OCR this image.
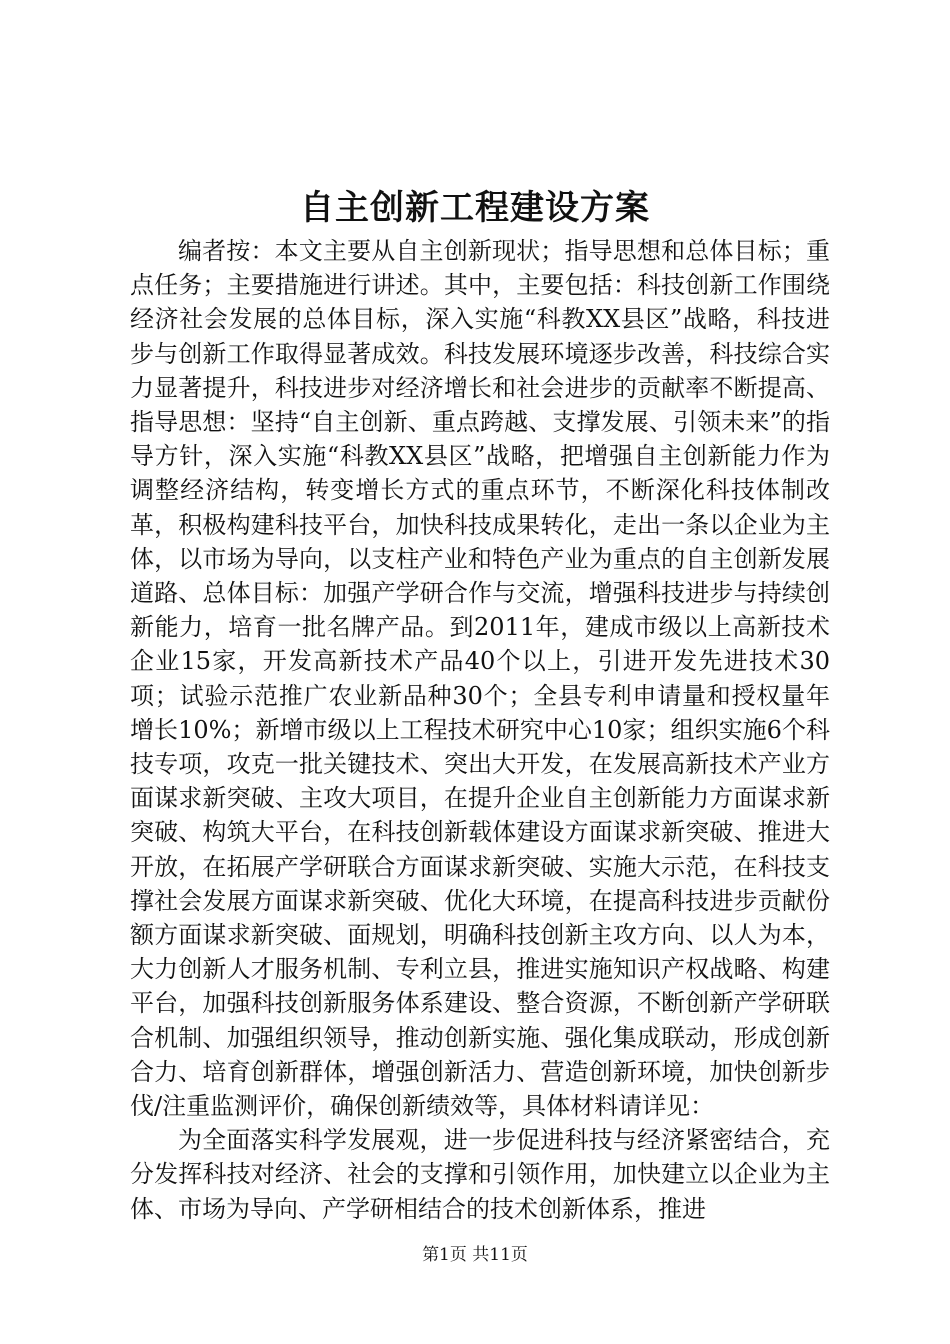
自主创新工程建设方案

编者按：本文主要从自主创新现状；指导思想和总体目标；重点任务；主要措施进行讲述。其中，主要包括：科技创新工作围绕经济社会发展的总体目标，深入实施“科教XX县区”战略，科技进步与创新工作取得显著成效。科技发展环境逐步改善，科技综合实力显著提升，科技进步对经济增长和社会进步的贡献率不断提高、指导思想：坚持“自主创新、重点跨越、支撑发展、引领未来”的指导方针，深入实施“科教XX县区”战略，把增强自主创新能力作为调整经济结构，转变增长方式的重点环节，不断深化科技体制改革，积极构建科技平台，加快科技成果转化，走出一条以企业为主体，以市场为导向，以支柱产业和特色产业为重点的自主创新发展道路、总体目标：加强产学研合作与交流，增强科技进步与持续创新能力，培育一批名牌产品。到2011年，建成市级以上高新技术企业15家，开发高新技术产品40个以上，引进开发先进技术30项；试验示范推广农业新品种30个；全县专利申请量和授权量年增长10%；新增市级以上工程技术研究中心10家；组织实施6个科技专项，攻克一批关键技术、突出大开发，在发展高新技术产业方面谋求新突破、主攻大项目，在提升企业自主创新能力方面谋求新突破、构筑大平台，在科技创新载体建设方面谋求新突破、推进大开放，在拓展产学研联合方面谋求新突破、实施大示范，在科技支撑社会发展方面谋求新突破、优化大环境，在提高科技进步贡献份额方面谋求新突破、面规划，明确科技创新主攻方向、以人为本，大力创新人才服务机制、专利立县，推进实施知识产权战略、构建平台，加强科技创新服务体系建设、整合资源，不断创新产学研联合机制、加强组织领导，推动创新实施、强化集成联动，形成创新合力、培育创新群体，增强创新活力、营造创新环境，加快创新步伐/注重监测评价，确保创新绩效等，具体材料请详见：

为全面落实科学发展观，进一步促进科技与经济紧密结合，充分发挥科技对经济、社会的支撑和引领作用，加快建立以企业为主体、市场为导向、产学研相结合的技术创新体系，推进

第1页 共11页
